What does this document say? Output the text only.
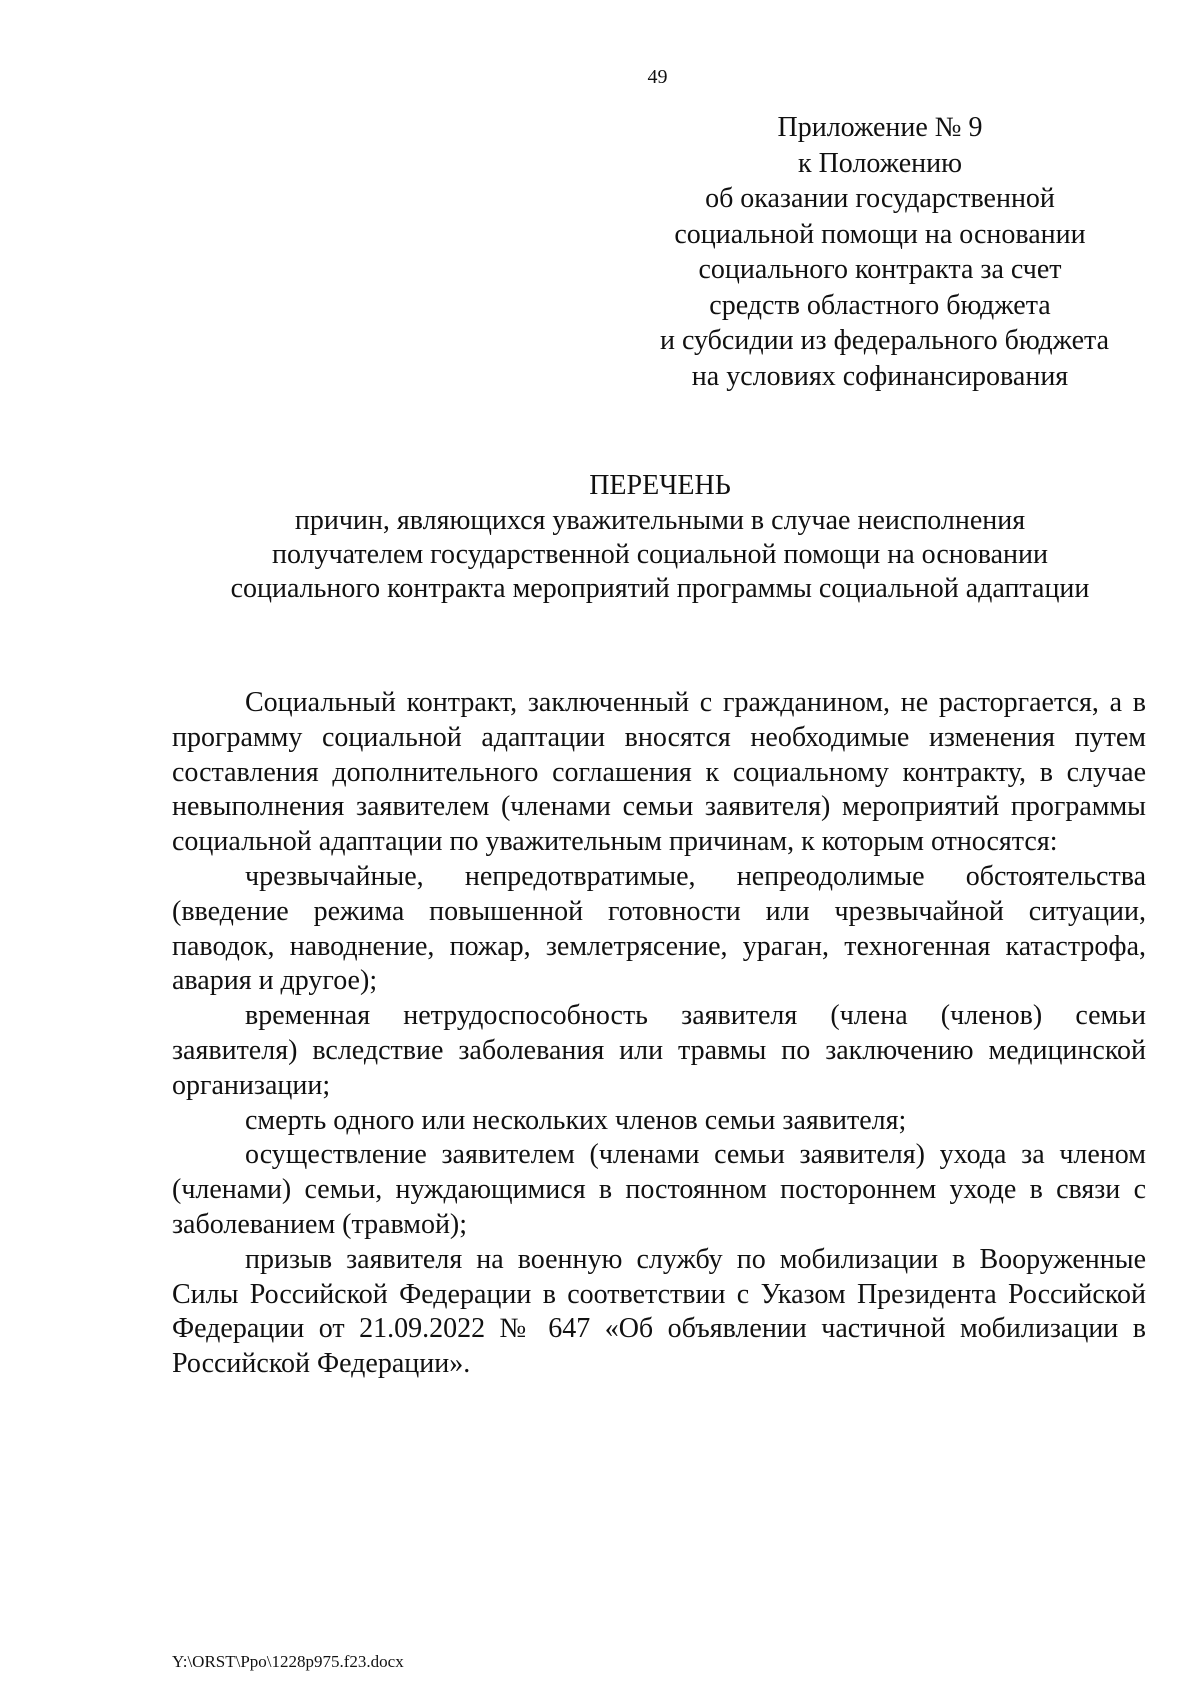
49
Приложение № 9
к Положению
об оказании государственной
социальной помощи на основании
социального контракта за счет
средств областного бюджета
и субсидии из федерального бюджета
на условиях софинансирования
ПЕРЕЧЕНЬ
причин, являющихся уважительными в случае неисполнения
получателем государственной социальной помощи на основании
социального контракта мероприятий программы социальной адаптации

Социальный контракт, заключенный с гражданином, не расторгается, а в программу социальной адаптации вносятся необходимые изменения путем составления дополнительного соглашения к социальному контракту, в случае невыполнения заявителем (членами семьи заявителя) мероприятий программы социальной адаптации по уважительным причинам, к которым относятся:

чрезвычайные, непредотвратимые, непреодолимые обстоятельства (введение режима повышенной готовности или чрезвычайной ситуации, паводок, наводнение, пожар, землетрясение, ураган, техногенная катастрофа, авария и другое);

временная нетрудоспособность заявителя (члена (членов) семьи заявителя) вследствие заболевания или травмы по заключению медицинской организации;

смерть одного или нескольких членов семьи заявителя;

осуществление заявителем (членами семьи заявителя) ухода за членом (членами) семьи, нуждающимися в постоянном постороннем уходе в связи с заболеванием (травмой);

призыв заявителя на военную службу по мобилизации в Вооруженные Силы Российской Федерации в соответствии с Указом Президента Российской Федерации от 21.09.2022 № 647 «Об объявлении частичной мобилизации в Российской Федерации».

Y:\ORST\Ppo\1228p975.f23.docx
